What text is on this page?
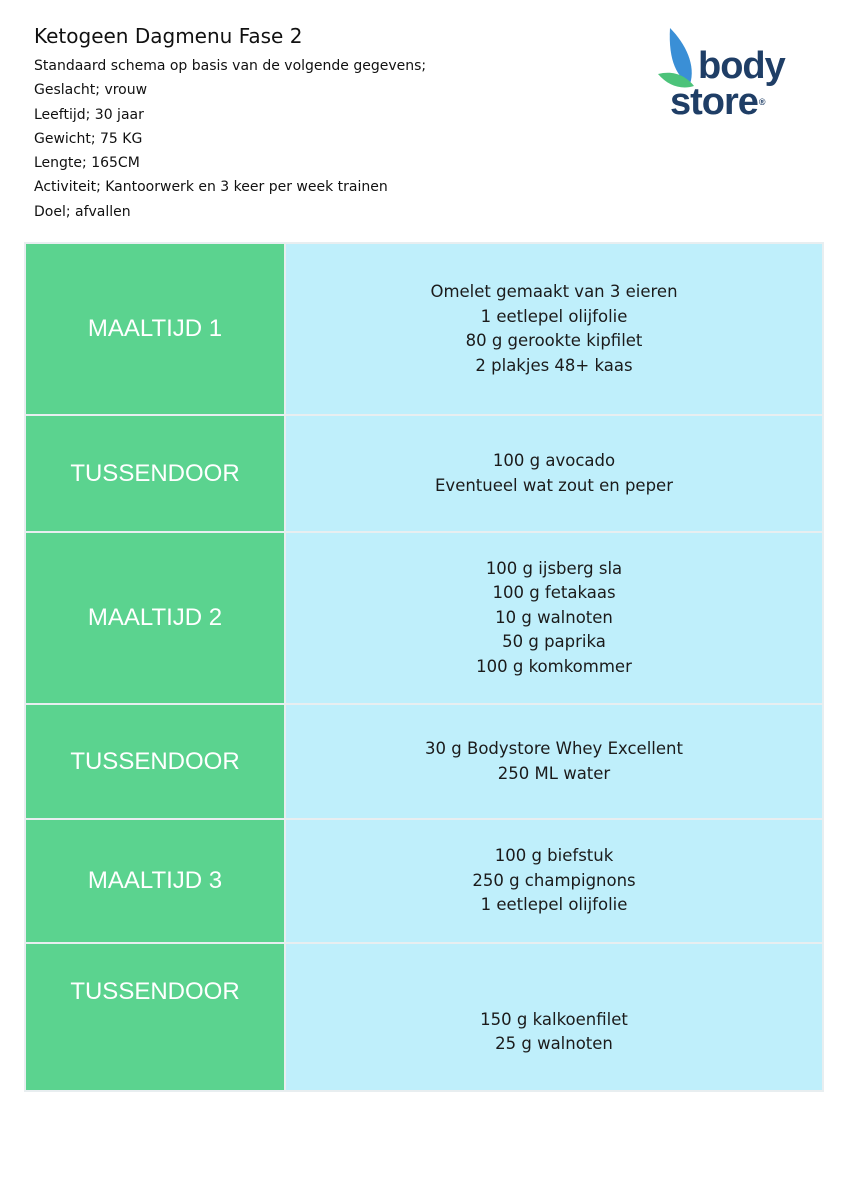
Ketogeen Dagmenu Fase 2
Standaard schema op basis van de volgende gegevens;
Geslacht; vrouw
Leeftijd; 30 jaar
Gewicht; 75 KG
Lengte; 165CM
Activiteit; Kantoorwerk en 3 keer per week trainen
Doel; afvallen
body
store®
MAALTIJD 1	Omelet gemaakt van 3 eieren
1 eetlepel olijfolie
80 g gerookte kipfilet
2 plakjes 48+ kaas

TUSSENDOOR	100 g avocado
Eventueel wat zout en peper

MAALTIJD 2	100 g ijsberg sla
100 g fetakaas
10 g walnoten
50 g paprika
100 g komkommer

TUSSENDOOR	30 g Bodystore Whey Excellent
250 ML water

MAALTIJD 3	100 g biefstuk
250 g champignons
1 eetlepel olijfolie

TUSSENDOOR	150 g kalkoenfilet
25 g walnoten
